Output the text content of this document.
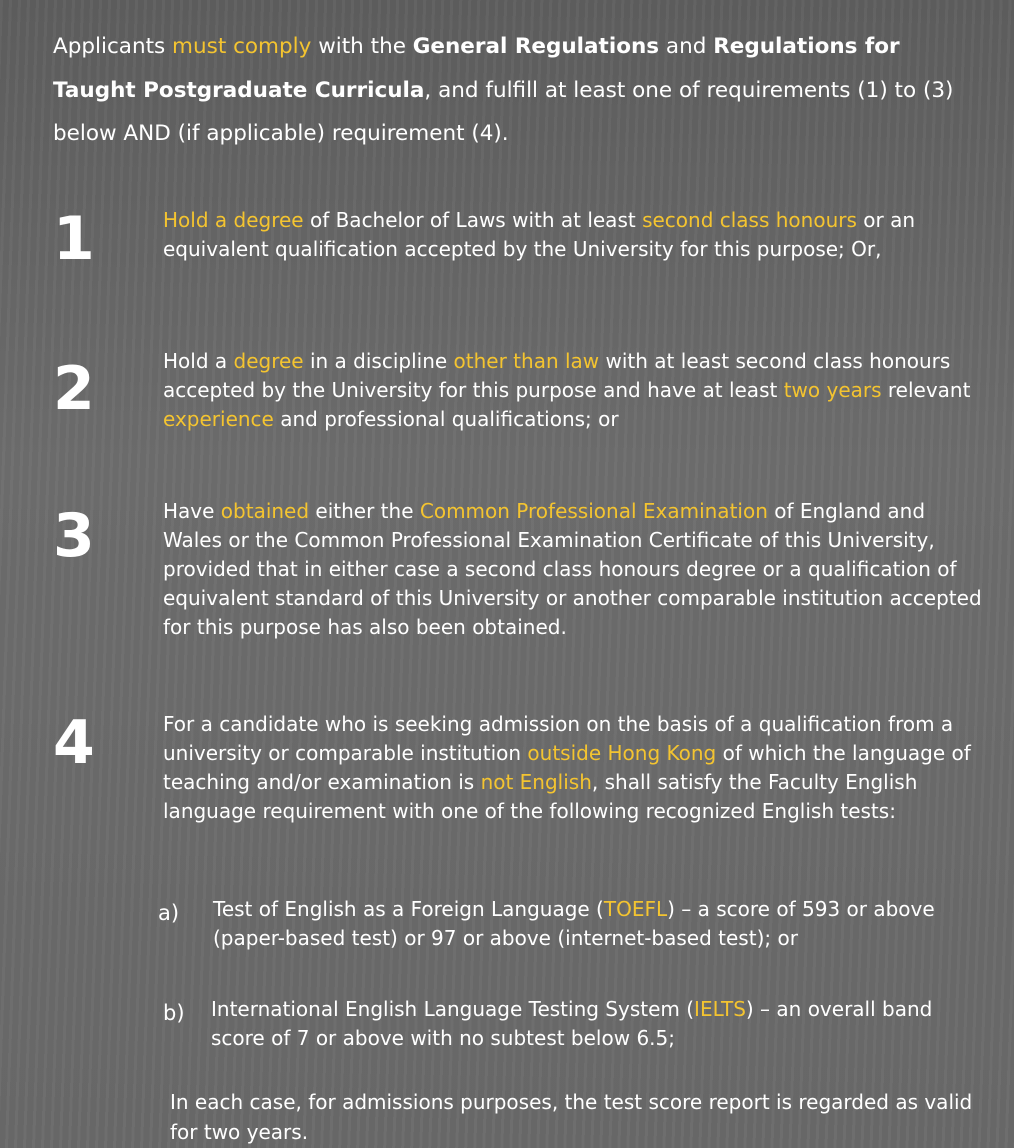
Applicants must comply with the General Regulations and Regulations for Taught Postgraduate Curricula, and fulfill at least one of requirements (1) to (3) below AND (if applicable) requirement (4).
1	Hold a degree of Bachelor of Laws with at least second class honours or an equivalent qualification accepted by the University for this purpose; Or,
2	Hold a degree in a discipline other than law with at least second class honours accepted by the University for this purpose and have at least two years relevant experience and professional qualifications; or
3	Have obtained either the Common Professional Examination of England and Wales or the Common Professional Examination Certificate of this University, provided that in either case a second class honours degree or a qualification of equivalent standard of this University or another comparable institution accepted for this purpose has also been obtained.
4	For a candidate who is seeking admission on the basis of a qualification from a university or comparable institution outside Hong Kong of which the language of teaching and/or examination is not English, shall satisfy the Faculty English language requirement with one of the following recognized English tests:
a) Test of English as a Foreign Language (TOEFL) – a score of 593 or above (paper-based test) or 97 or above (internet-based test); or
b) International English Language Testing System (IELTS) – an overall band score of 7 or above with no subtest below 6.5;
In each case, for admissions purposes, the test score report is regarded as valid for two years.
